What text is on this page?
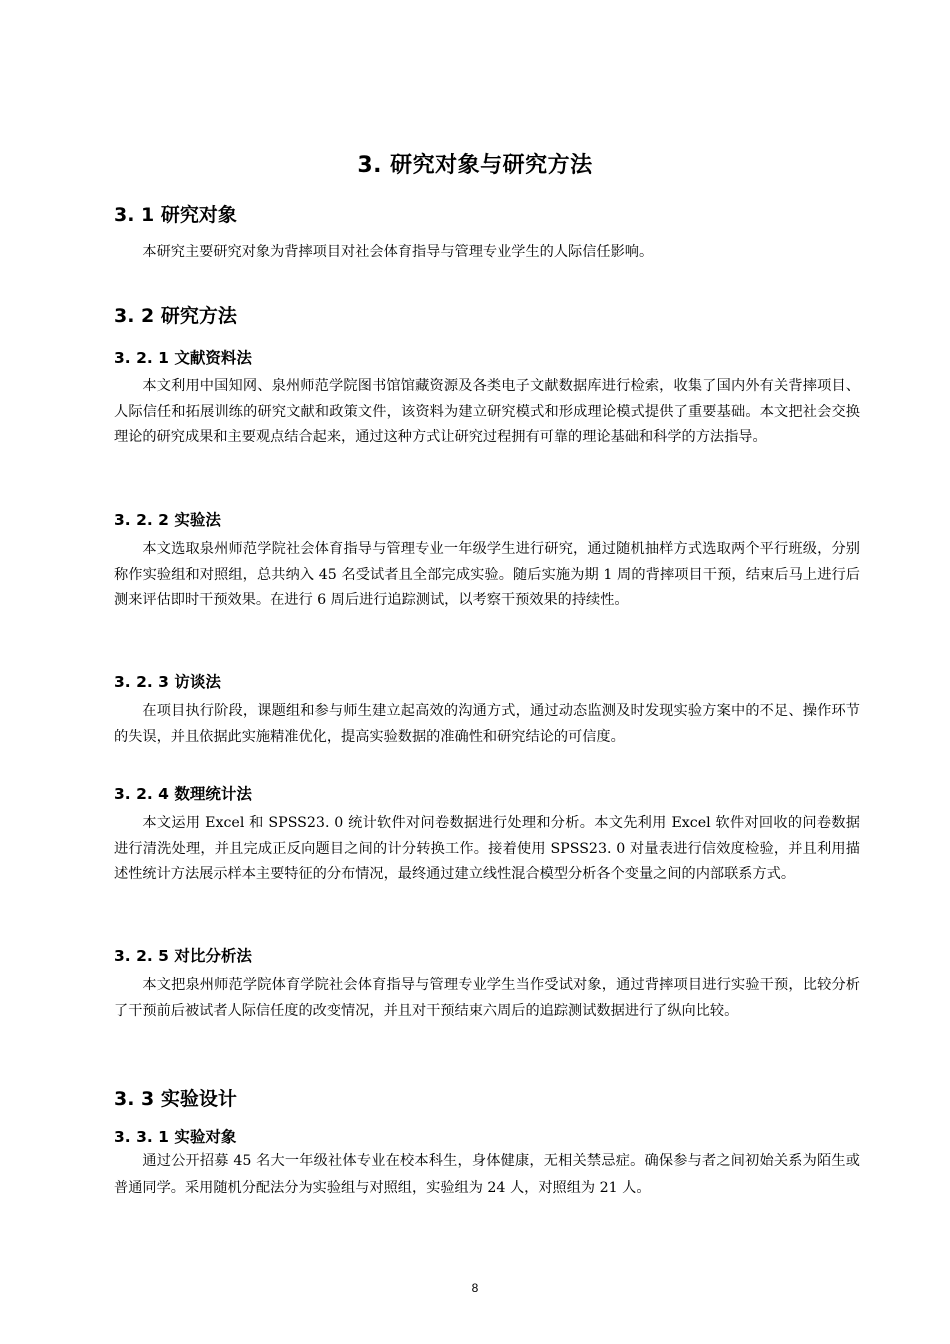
3. 研究对象与研究方法
3. 1 研究对象

本研究主要研究对象为背摔项目对社会体育指导与管理专业学生的人际信任影响。

3. 2 研究方法
3. 2. 1 文献资料法

本文利用中国知网、泉州师范学院图书馆馆藏资源及各类电子文献数据库进行检索，收集了国内外有关背摔项目、人际信任和拓展训练的研究文献和政策文件，该资料为建立研究模式和形成理论模式提供了重要基础。本文把社会交换理论的研究成果和主要观点结合起来，通过这种方式让研究过程拥有可靠的理论基础和科学的方法指导。

3. 2. 2 实验法

本文选取泉州师范学院社会体育指导与管理专业一年级学生进行研究，通过随机抽样方式选取两个平行班级，分别称作实验组和对照组，总共纳入 45 名受试者且全部完成实验。随后实施为期 1 周的背摔项目干预，结束后马上进行后测来评估即时干预效果。在进行 6 周后进行追踪测试，以考察干预效果的持续性。

3. 2. 3 访谈法

在项目执行阶段，课题组和参与师生建立起高效的沟通方式，通过动态监测及时发现实验方案中的不足、操作环节的失误，并且依据此实施精准优化，提高实验数据的准确性和研究结论的可信度。

3. 2. 4 数理统计法

本文运用 Excel 和 SPSS23. 0 统计软件对问卷数据进行处理和分析。本文先利用 Excel 软件对回收的问卷数据进行清洗处理，并且完成正反向题目之间的计分转换工作。接着使用 SPSS23. 0 对量表进行信效度检验，并且利用描述性统计方法展示样本主要特征的分布情况，最终通过建立线性混合模型分析各个变量之间的内部联系方式。

3. 2. 5 对比分析法

本文把泉州师范学院体育学院社会体育指导与管理专业学生当作受试对象，通过背摔项目进行实验干预，比较分析了干预前后被试者人际信任度的改变情况，并且对干预结束六周后的追踪测试数据进行了纵向比较。

3. 3 实验设计
3. 3. 1 实验对象

通过公开招募 45 名大一年级社体专业在校本科生，身体健康，无相关禁忌症。确保参与者之间初始关系为陌生或普通同学。采用随机分配法分为实验组与对照组，实验组为 24 人，对照组为 21 人。

8
